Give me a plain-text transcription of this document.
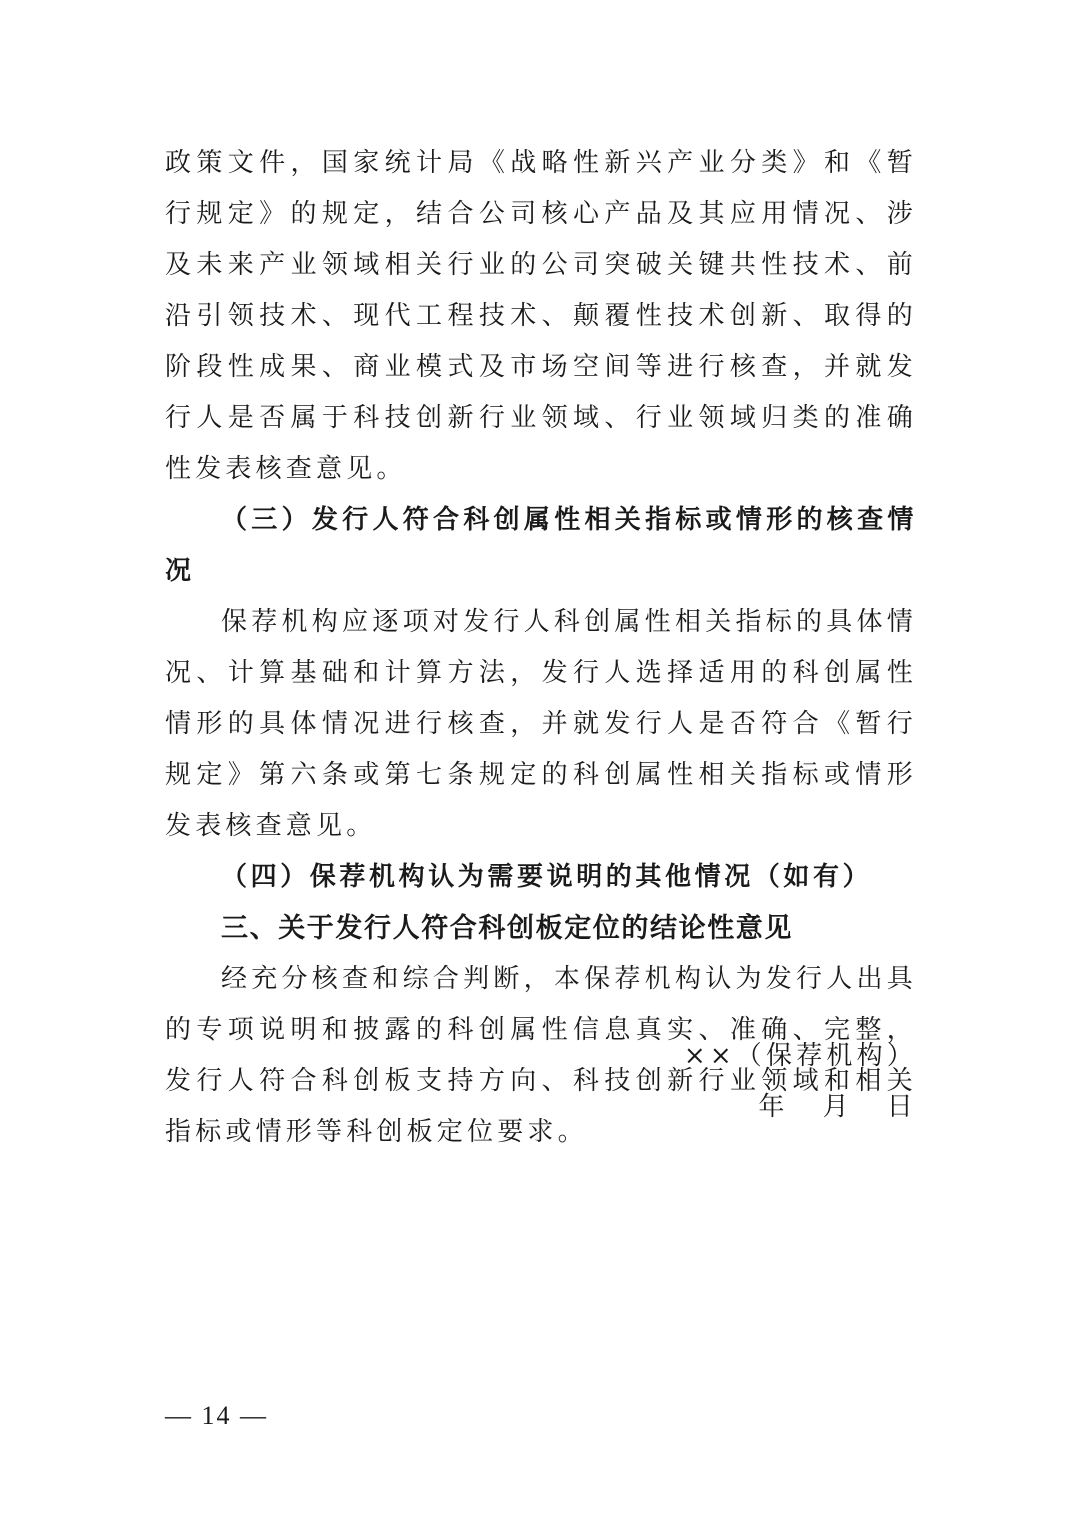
政策文件，国家统计局《战略性新兴产业分类》和《暂行规定》的规定，结合公司核心产品及其应用情况、涉及未来产业领域相关行业的公司突破关键共性技术、前沿引领技术、现代工程技术、颠覆性技术创新、取得的阶段性成果、商业模式及市场空间等进行核查，并就发行人是否属于科技创新行业领域、行业领域归类的准确性发表核查意见。

（三）发行人符合科创属性相关指标或情形的核查情况

保荐机构应逐项对发行人科创属性相关指标的具体情况、计算基础和计算方法，发行人选择适用的科创属性情形的具体情况进行核查，并就发行人是否符合《暂行规定》第六条或第七条规定的科创属性相关指标或情形发表核查意见。

（四）保荐机构认为需要说明的其他情况（如有）

三、关于发行人符合科创板定位的结论性意见

经充分核查和综合判断，本保荐机构认为发行人出具的专项说明和披露的科创属性信息真实、准确、完整，发行人符合科创板支持方向、科技创新行业领域和相关指标或情形等科创板定位要求。

××（保荐机构）
年 月 日
— 14 —
